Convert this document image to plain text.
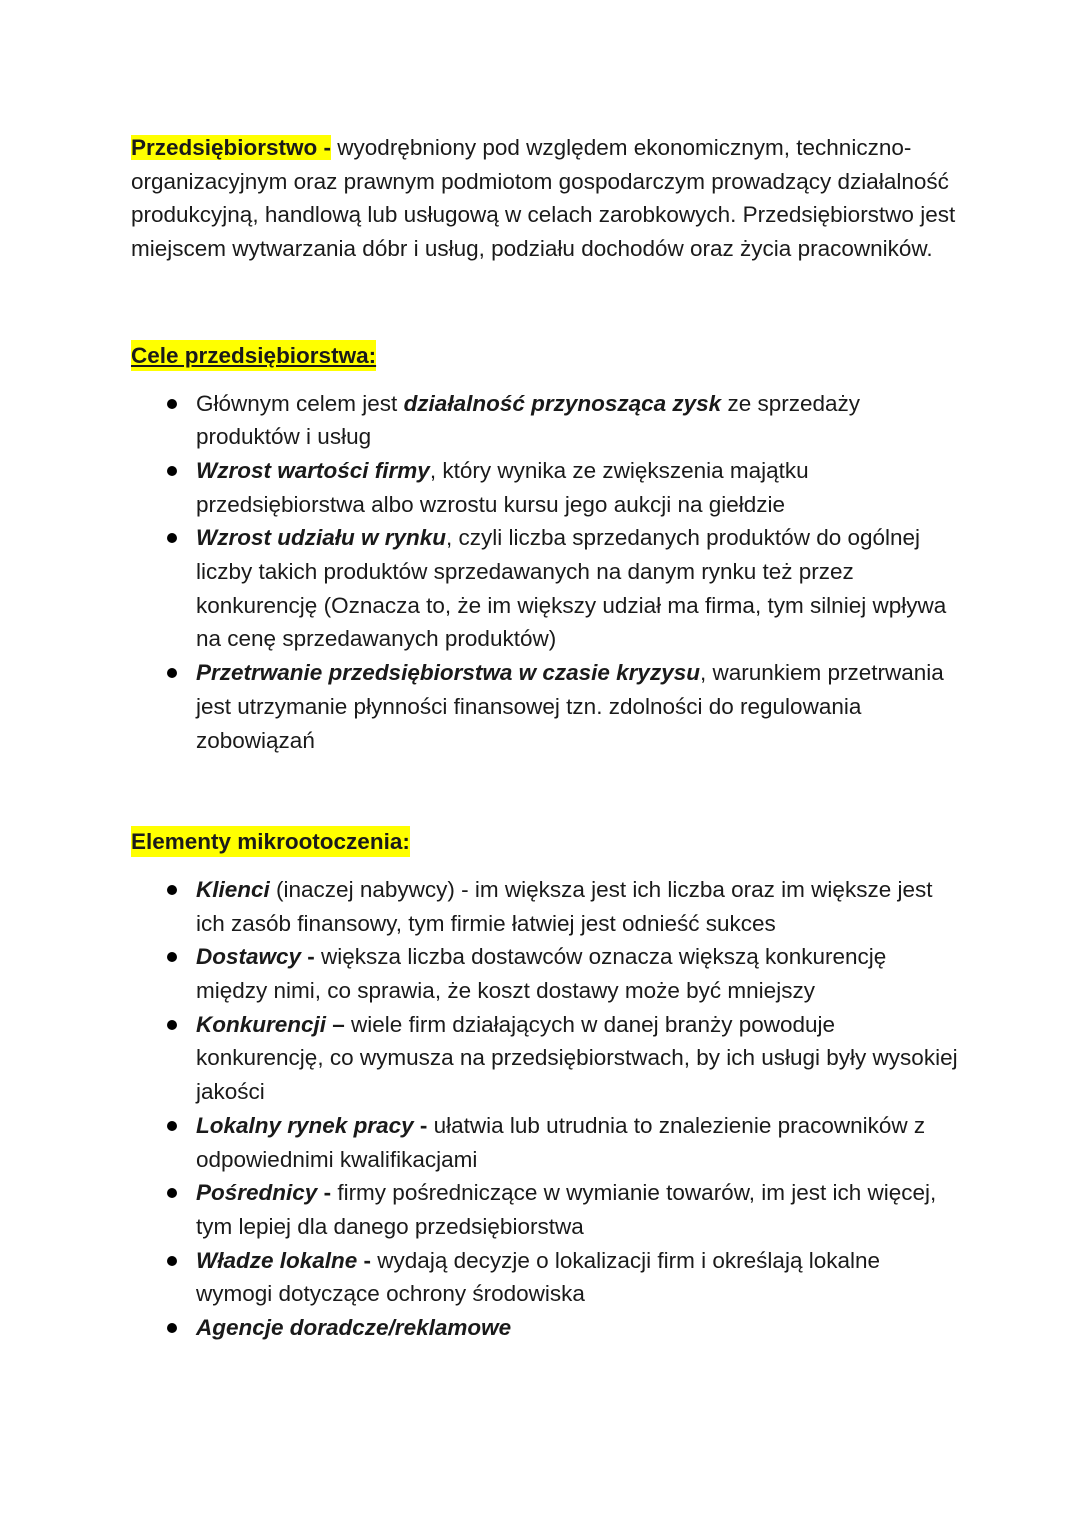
Przedsiębiorstwo - wyodrębniony pod względem ekonomicznym, techniczno-organizacyjnym oraz prawnym podmiotom gospodarczym prowadzący działalność produkcyjną, handlową lub usługową w celach zarobkowych. Przedsiębiorstwo jest miejscem wytwarzania dóbr i usług, podziału dochodów oraz życia pracowników.

Cele przedsiębiorstwa:
Głównym celem jest działalność przynosząca zysk ze sprzedaży produktów i usług
Wzrost wartości firmy, który wynika ze zwiększenia majątku przedsiębiorstwa albo wzrostu kursu jego aukcji na giełdzie
Wzrost udziału w rynku, czyli liczba sprzedanych produktów do ogólnej liczby takich produktów sprzedawanych na danym rynku też przez konkurencję (Oznacza to, że im większy udział ma firma, tym silniej wpływa na cenę sprzedawanych produktów)
Przetrwanie przedsiębiorstwa w czasie kryzysu, warunkiem przetrwania jest utrzymanie płynności finansowej tzn. zdolności do regulowania zobowiązań
Elementy mikrootoczenia:
Klienci (inaczej nabywcy) - im większa jest ich liczba oraz im większe jest ich zasób finansowy, tym firmie łatwiej jest odnieść sukces
Dostawcy - większa liczba dostawców oznacza większą konkurencję między nimi, co sprawia, że koszt dostawy może być mniejszy
Konkurencji – wiele firm działających w danej branży powoduje konkurencję, co wymusza na przedsiębiorstwach, by ich usługi były wysokiej jakości
Lokalny rynek pracy - ułatwia lub utrudnia to znalezienie pracowników z odpowiednimi kwalifikacjami
Pośrednicy - firmy pośredniczące w wymianie towarów, im jest ich więcej, tym lepiej dla danego przedsiębiorstwa
Władze lokalne - wydają decyzje o lokalizacji firm i określają lokalne wymogi dotyczące ochrony środowiska
Agencje doradcze/reklamowe
